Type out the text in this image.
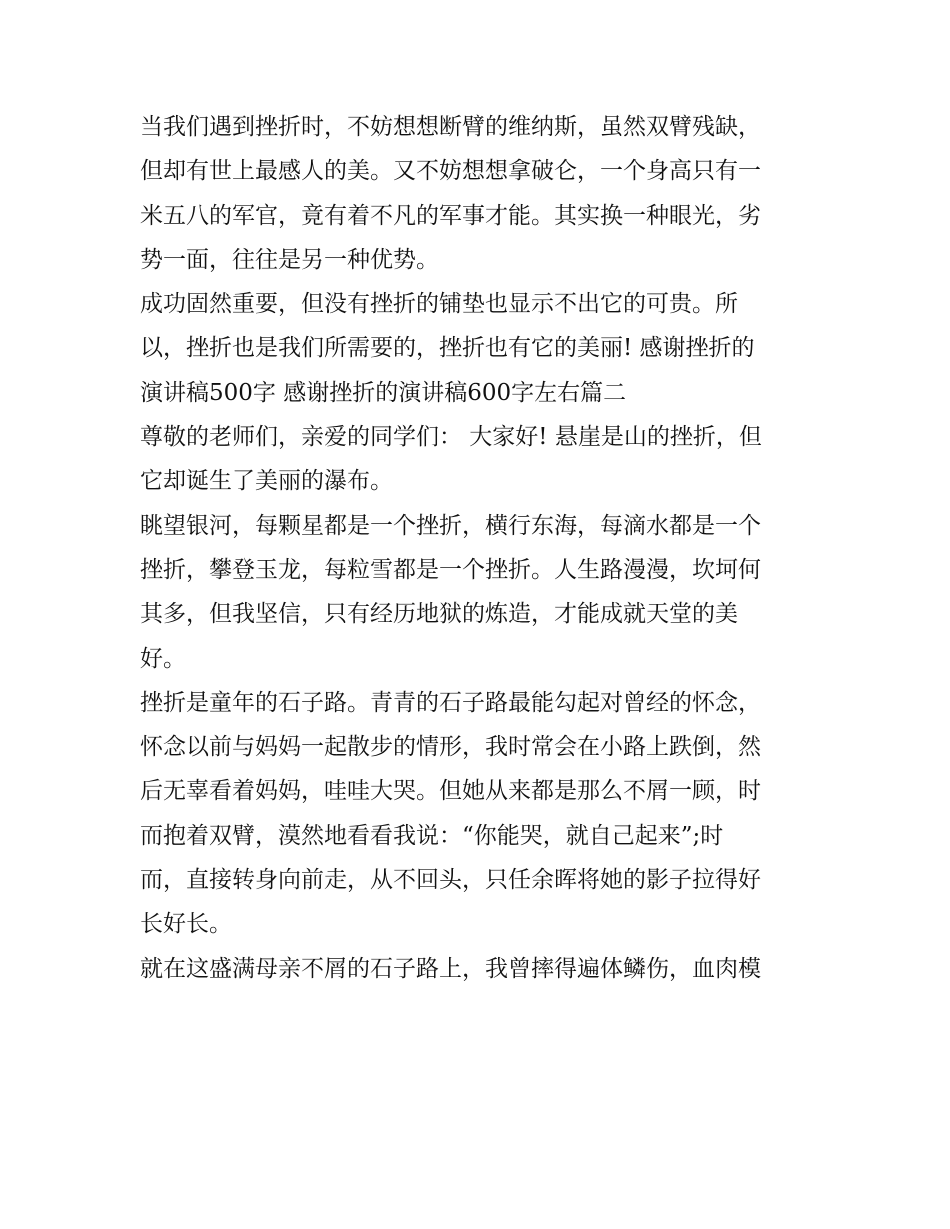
当我们遇到挫折时，不妨想想断臂的维纳斯，虽然双臂残缺，
但却有世上最感人的美。又不妨想想拿破仑，一个身高只有一
米五八的军官，竟有着不凡的军事才能。其实换一种眼光，劣
势一面，往往是另一种优势。
成功固然重要，但没有挫折的铺垫也显示不出它的可贵。所
以，挫折也是我们所需要的，挫折也有它的美丽! 感谢挫折的
演讲稿500字 感谢挫折的演讲稿600字左右篇二
尊敬的老师们，亲爱的同学们： 大家好! 悬崖是山的挫折，但
它却诞生了美丽的瀑布。
眺望银河，每颗星都是一个挫折，横行东海，每滴水都是一个
挫折，攀登玉龙，每粒雪都是一个挫折。人生路漫漫，坎坷何
其多，但我坚信，只有经历地狱的炼造，才能成就天堂的美
好。
挫折是童年的石子路。青青的石子路最能勾起对曾经的怀念，
怀念以前与妈妈一起散步的情形，我时常会在小路上跌倒，然
后无辜看着妈妈，哇哇大哭。但她从来都是那么不屑一顾，时
而抱着双臂，漠然地看看我说：“你能哭，就自己起来”;时
而，直接转身向前走，从不回头，只任余晖将她的影子拉得好
长好长。
就在这盛满母亲不屑的石子路上，我曾摔得遍体鳞伤，血肉模
